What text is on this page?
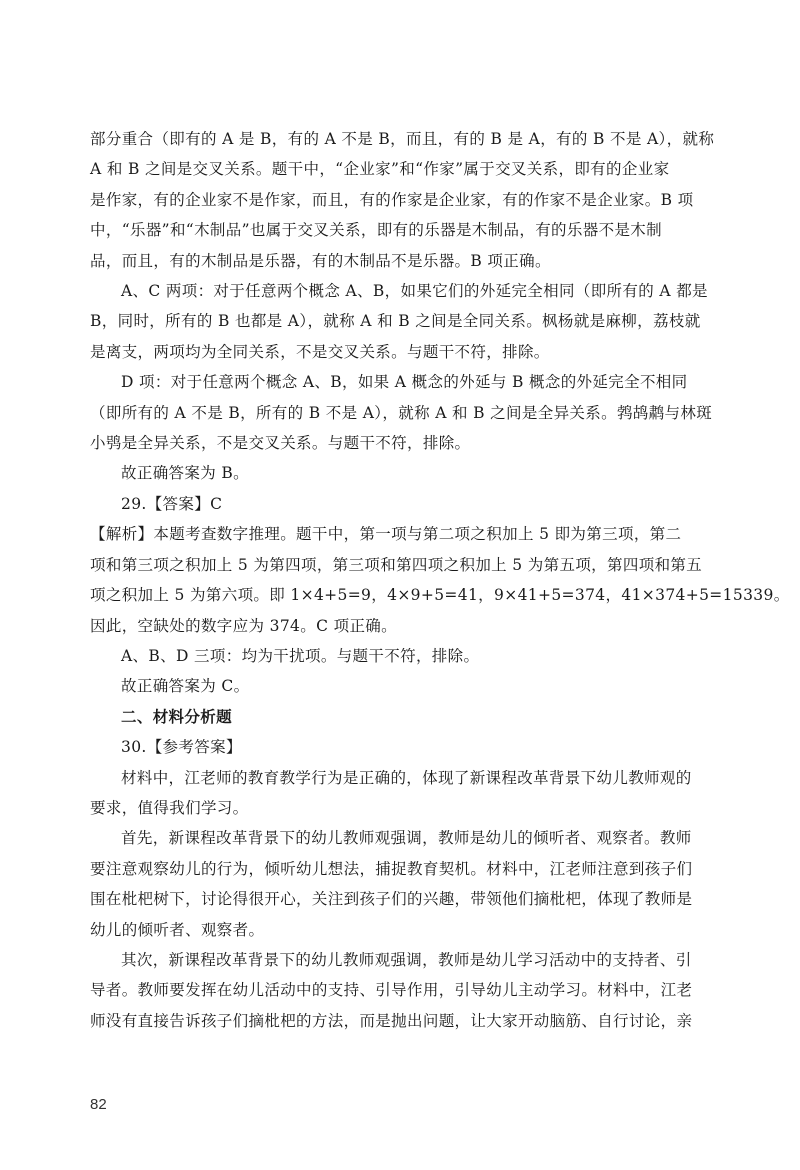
部分重合（即有的 A 是 B，有的 A 不是 B，而且，有的 B 是 A，有的 B 不是 A），就称
A 和 B 之间是交叉关系。题干中，“企业家”和“作家”属于交叉关系，即有的企业家
是作家，有的企业家不是作家，而且，有的作家是企业家，有的作家不是企业家。B 项
中，“乐器”和“木制品”也属于交叉关系，即有的乐器是木制品，有的乐器不是木制
品，而且，有的木制品是乐器，有的木制品不是乐器。B 项正确。

A、C 两项：对于任意两个概念 A、B，如果它们的外延完全相同（即所有的 A 都是
B，同时，所有的 B 也都是 A），就称 A 和 B 之间是全同关系。枫杨就是麻柳，荔枝就
是离支，两项均为全同关系，不是交叉关系。与题干不符，排除。

D 项：对于任意两个概念 A、B，如果 A 概念的外延与 B 概念的外延完全不相同
（即所有的 A 不是 B，所有的 B 不是 A），就称 A 和 B 之间是全异关系。鹁鸪鹔与林斑
小鸮是全异关系，不是交叉关系。与题干不符，排除。

故正确答案为 B。

29.【答案】C

【解析】本题考查数字推理。题干中，第一项与第二项之积加上 5 即为第三项，第二
项和第三项之积加上 5 为第四项，第三项和第四项之积加上 5 为第五项，第四项和第五
项之积加上 5 为第六项。即 1×4+5=9，4×9+5=41，9×41+5=374，41×374+5=15339。
因此，空缺处的数字应为 374。C 项正确。

A、B、D 三项：均为干扰项。与题干不符，排除。

故正确答案为 C。

二、材料分析题

30.【参考答案】

材料中，江老师的教育教学行为是正确的，体现了新课程改革背景下幼儿教师观的
要求，值得我们学习。

首先，新课程改革背景下的幼儿教师观强调，教师是幼儿的倾听者、观察者。教师
要注意观察幼儿的行为，倾听幼儿想法，捕捉教育契机。材料中，江老师注意到孩子们
围在枇杷树下，讨论得很开心，关注到孩子们的兴趣，带领他们摘枇杷，体现了教师是
幼儿的倾听者、观察者。

其次，新课程改革背景下的幼儿教师观强调，教师是幼儿学习活动中的支持者、引
导者。教师要发挥在幼儿活动中的支持、引导作用，引导幼儿主动学习。材料中，江老
师没有直接告诉孩子们摘枇杷的方法，而是抛出问题，让大家开动脑筋、自行讨论，亲

82
